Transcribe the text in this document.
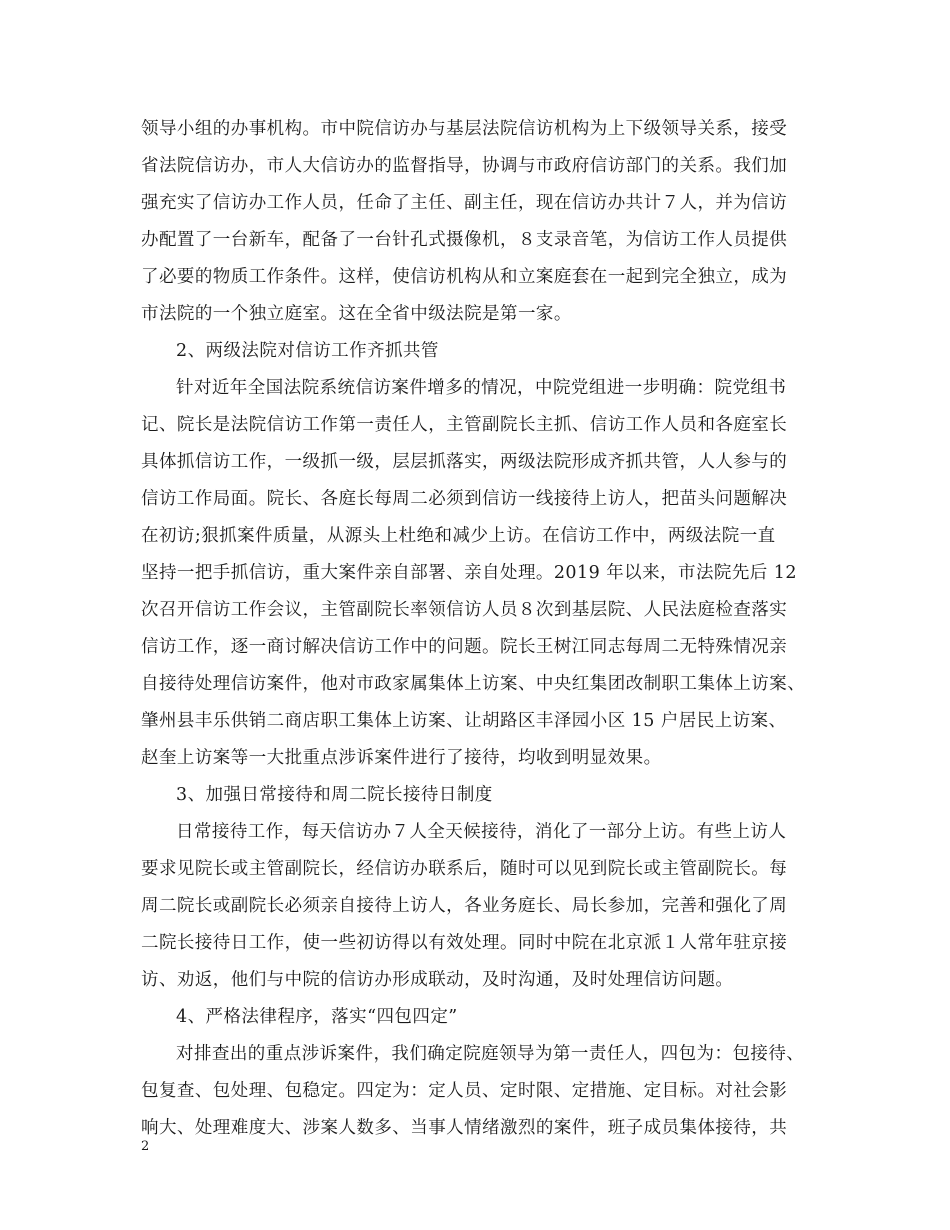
领导小组的办事机构。市中院信访办与基层法院信访机构为上下级领导关系，接受
省法院信访办，市人大信访办的监督指导，协调与市政府信访部门的关系。我们加
强充实了信访办工作人员，任命了主任、副主任，现在信访办共计７人，并为信访
办配置了一台新车，配备了一台针孔式摄像机，８支录音笔，为信访工作人员提供
了必要的物质工作条件。这样，使信访机构从和立案庭套在一起到完全独立，成为
市法院的一个独立庭室。这在全省中级法院是第一家。
2、两级法院对信访工作齐抓共管
针对近年全国法院系统信访案件增多的情况，中院党组进一步明确：院党组书
记、院长是法院信访工作第一责任人，主管副院长主抓、信访工作人员和各庭室长
具体抓信访工作，一级抓一级，层层抓落实，两级法院形成齐抓共管，人人参与的
信访工作局面。院长、各庭长每周二必须到信访一线接待上访人，把苗头问题解决
在初访;狠抓案件质量，从源头上杜绝和减少上访。在信访工作中，两级法院一直
坚持一把手抓信访，重大案件亲自部署、亲自处理。2019 年以来，市法院先后 12
次召开信访工作会议，主管副院长率领信访人员８次到基层院、人民法庭检查落实
信访工作，逐一商讨解决信访工作中的问题。院长王树江同志每周二无特殊情况亲
自接待处理信访案件，他对市政家属集体上访案、中央红集团改制职工集体上访案、
肇州县丰乐供销二商店职工集体上访案、让胡路区丰泽园小区 15 户居民上访案、
赵奎上访案等一大批重点涉诉案件进行了接待，均收到明显效果。
3、加强日常接待和周二院长接待日制度
日常接待工作，每天信访办７人全天候接待，消化了一部分上访。有些上访人
要求见院长或主管副院长，经信访办联系后，随时可以见到院长或主管副院长。每
周二院长或副院长必须亲自接待上访人，各业务庭长、局长参加，完善和强化了周
二院长接待日工作，使一些初访得以有效处理。同时中院在北京派１人常年驻京接
访、劝返，他们与中院的信访办形成联动，及时沟通，及时处理信访问题。
4、严格法律程序，落实“四包四定”
对排查出的重点涉诉案件，我们确定院庭领导为第一责任人，四包为：包接待、
包复查、包处理、包稳定。四定为：定人员、定时限、定措施、定目标。对社会影
响大、处理难度大、涉案人数多、当事人情绪激烈的案件，班子成员集体接待，共
2
